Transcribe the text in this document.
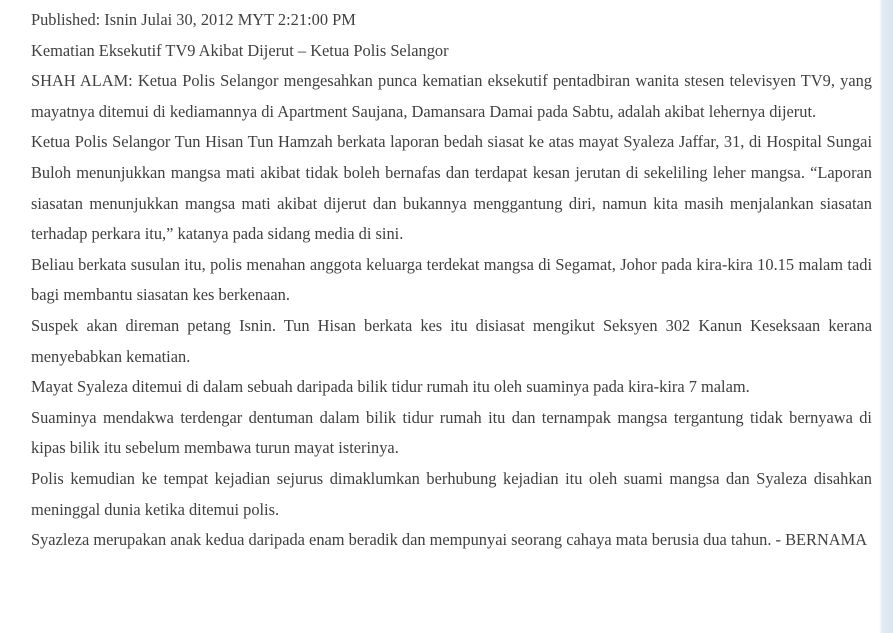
Published: Isnin Julai 30, 2012 MYT 2:21:00 PM

Kematian Eksekutif TV9 Akibat Dijerut – Ketua Polis Selangor

SHAH ALAM: Ketua Polis Selangor mengesahkan punca kematian eksekutif pentadbiran wanita stesen televisyen TV9, yang mayatnya ditemui di kediamannya di Apartment Saujana, Damansara Damai pada Sabtu, adalah akibat lehernya dijerut.

Ketua Polis Selangor Tun Hisan Tun Hamzah berkata laporan bedah siasat ke atas mayat Syaleza Jaffar, 31, di Hospital Sungai Buloh menunjukkan mangsa mati akibat tidak boleh bernafas dan terdapat kesan jerutan di sekeliling leher mangsa. “Laporan siasatan menunjukkan mangsa mati akibat dijerut dan bukannya menggantung diri, namun kita masih menjalankan siasatan terhadap perkara itu,” katanya pada sidang media di sini.

Beliau berkata susulan itu, polis menahan anggota keluarga terdekat mangsa di Segamat, Johor pada kira-kira 10.15 malam tadi bagi membantu siasatan kes berkenaan.

Suspek akan direman petang Isnin. Tun Hisan berkata kes itu disiasat mengikut Seksyen 302 Kanun Keseksaan kerana menyebabkan kematian.

Mayat Syaleza ditemui di dalam sebuah daripada bilik tidur rumah itu oleh suaminya pada kira-kira 7 malam.

Suaminya mendakwa terdengar dentuman dalam bilik tidur rumah itu dan ternampak mangsa tergantung tidak bernyawa di kipas bilik itu sebelum membawa turun mayat isterinya.

Polis kemudian ke tempat kejadian sejurus dimaklumkan berhubung kejadian itu oleh suami mangsa dan Syaleza disahkan meninggal dunia ketika ditemui polis.

Syazleza merupakan anak kedua daripada enam beradik dan mempunyai seorang cahaya mata berusia dua tahun. - BERNAMA
